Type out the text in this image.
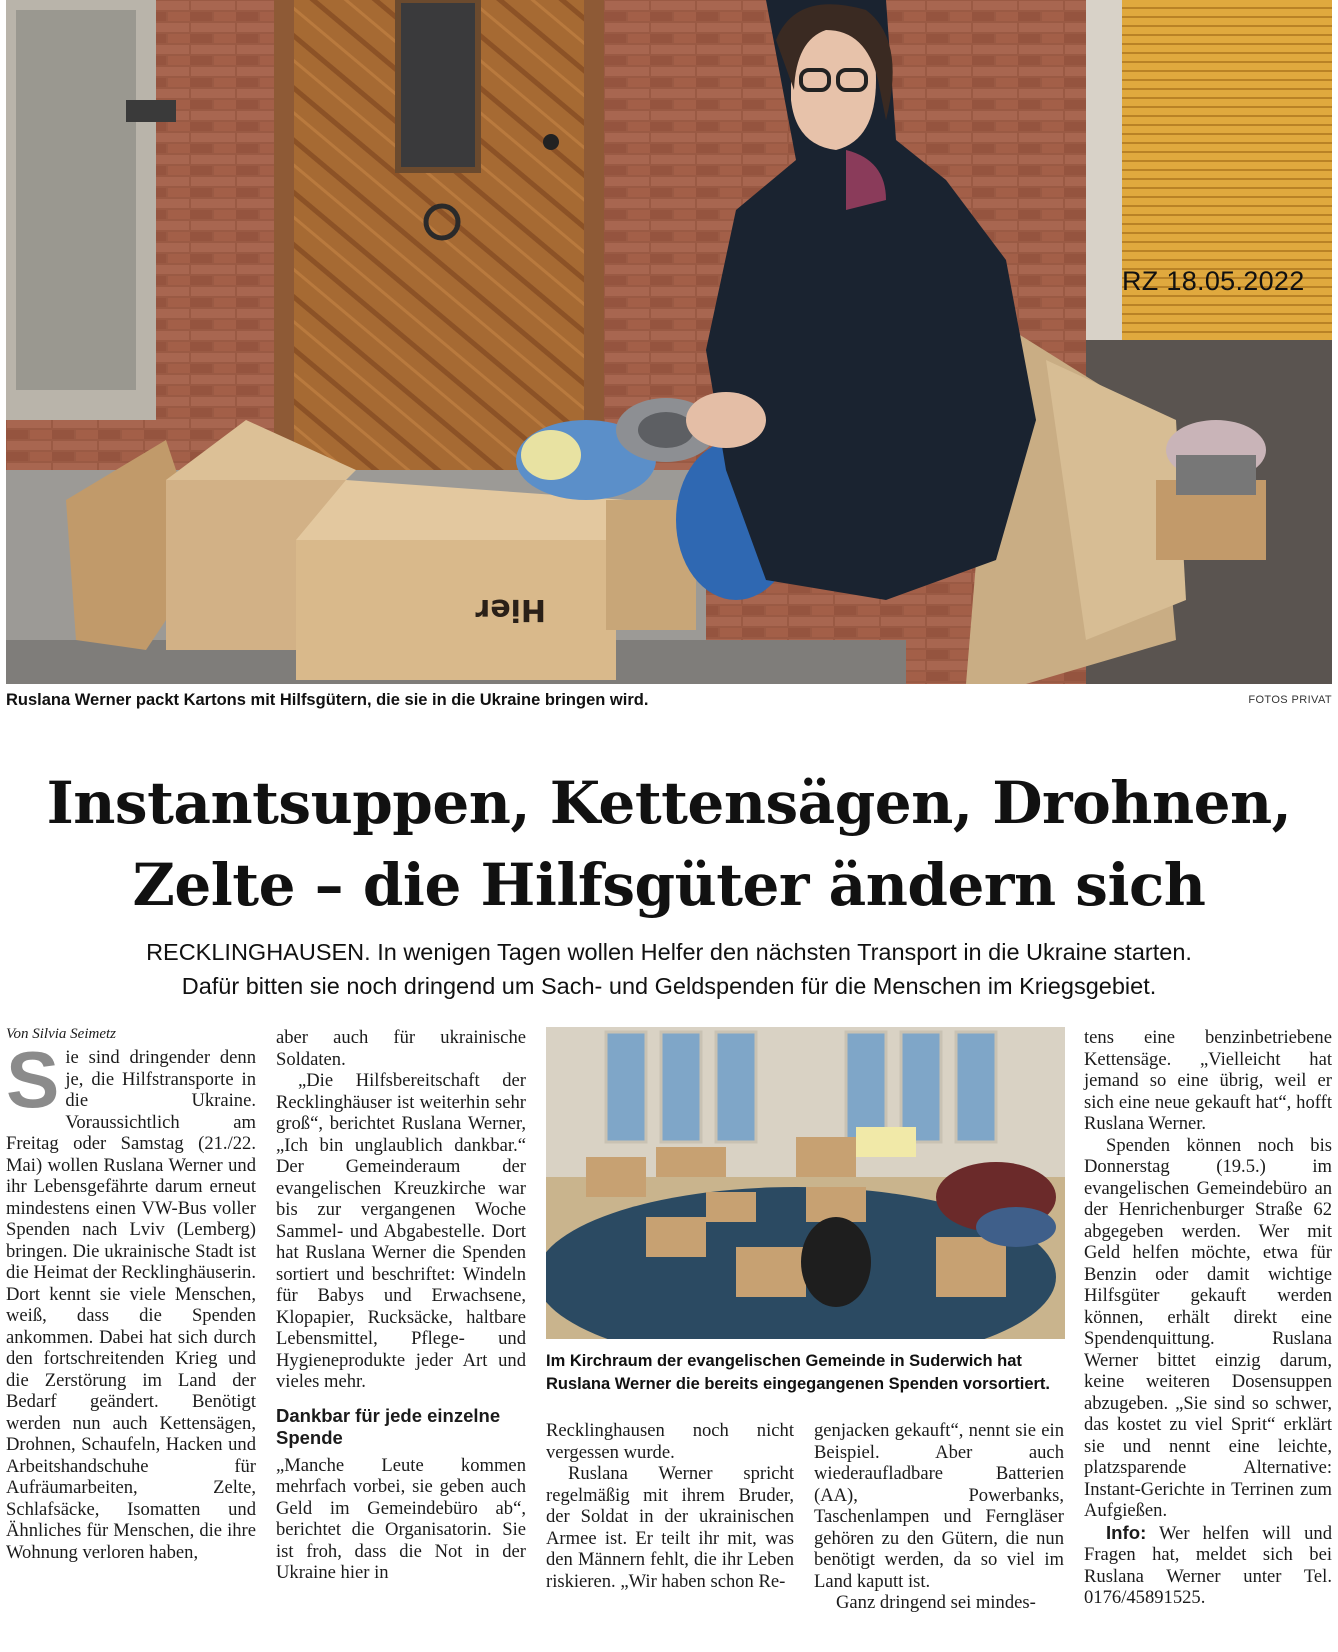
Hier
RZ 18.05.2022
Ruslana Werner packt Kartons mit Hilfsgütern, die sie in die Ukraine bringen wird.	FOTOS PRIVAT
Instantsuppen, Kettensägen, Drohnen,
Zelte – die Hilfsgüter ändern sich
RECKLINGHAUSEN. In wenigen Tagen wollen Helfer den nächsten Transport in die Ukraine starten.
Dafür bitten sie noch dringend um Sach- und Geldspenden für die Menschen im Kriegsgebiet.
Von Silvia Seimetz
S ie sind dringender denn je, die Hilfstransporte in die Ukraine. Voraussichtlich am Freitag oder Samstag (21./22. Mai) wollen Ruslana Werner und ihr Lebensgefährte darum erneut mindestens einen VW-Bus voller Spenden nach Lviv (Lemberg) bringen. Die ukrainische Stadt ist die Heimat der Recklinghäuserin. Dort kennt sie viele Menschen, weiß, dass die Spenden ankommen. Dabei hat sich durch den fortschreitenden Krieg und die Zerstörung im Land der Bedarf geändert. Benötigt werden nun auch Kettensägen, Drohnen, Schaufeln, Hacken und Arbeitshandschuhe für Aufräumarbeiten, Zelte, Schlafsäcke, Isomatten und Ähnliches für Menschen, die ihre Wohnung verloren haben,

aber auch für ukrainische Soldaten.

„Die Hilfsbereitschaft der Recklinghäuser ist weiterhin sehr groß“, berichtet Ruslana Werner, „Ich bin unglaublich dankbar.“ Der Gemeinderaum der evangelischen Kreuzkirche war bis zur vergangenen Woche Sammel- und Abgabestelle. Dort hat Ruslana Werner die Spenden sortiert und beschriftet: Windeln für Babys und Erwachsene, Klopapier, Rucksäcke, haltbare Lebensmittel, Pflege- und Hygieneprodukte jeder Art und vieles mehr.

Dankbar für jede einzelne Spende

„Manche Leute kommen mehrfach vorbei, sie geben auch Geld im Gemeindebüro ab“, berichtet die Organisatorin. Sie ist froh, dass die Not in der Ukraine hier in

Im Kirchraum der evangelischen Gemeinde in Suderwich hat Ruslana Werner die bereits eingegangenen Spenden vorsortiert.

Recklinghausen noch nicht vergessen wurde.

Ruslana Werner spricht regelmäßig mit ihrem Bruder, der Soldat in der ukrainischen Armee ist. Er teilt ihr mit, was den Männern fehlt, die ihr Leben riskieren. „Wir haben schon Re-

genjacken gekauft“, nennt sie ein Beispiel. Aber auch wiederaufladbare Batterien (AA), Powerbanks, Taschenlampen und Ferngläser gehören zu den Gütern, die nun benötigt werden, da so viel im Land kaputt ist.

Ganz dringend sei mindes-

tens eine benzinbetriebene Kettensäge. „Vielleicht hat jemand so eine übrig, weil er sich eine neue gekauft hat“, hofft Ruslana Werner.

Spenden können noch bis Donnerstag (19.5.) im evangelischen Gemeindebüro an der Henrichenburger Straße 62 abgegeben werden. Wer mit Geld helfen möchte, etwa für Benzin oder damit wichtige Hilfsgüter gekauft werden können, erhält direkt eine Spendenquittung. Ruslana Werner bittet einzig darum, keine weiteren Dosensuppen abzugeben. „Sie sind so schwer, das kostet zu viel Sprit“ erklärt sie und nennt eine leichte, platzsparende Alternative: Instant-Gerichte in Terrinen zum Aufgießen.

Info: Wer helfen will und Fragen hat, meldet sich bei Ruslana Werner unter Tel. 0176/45891525.
